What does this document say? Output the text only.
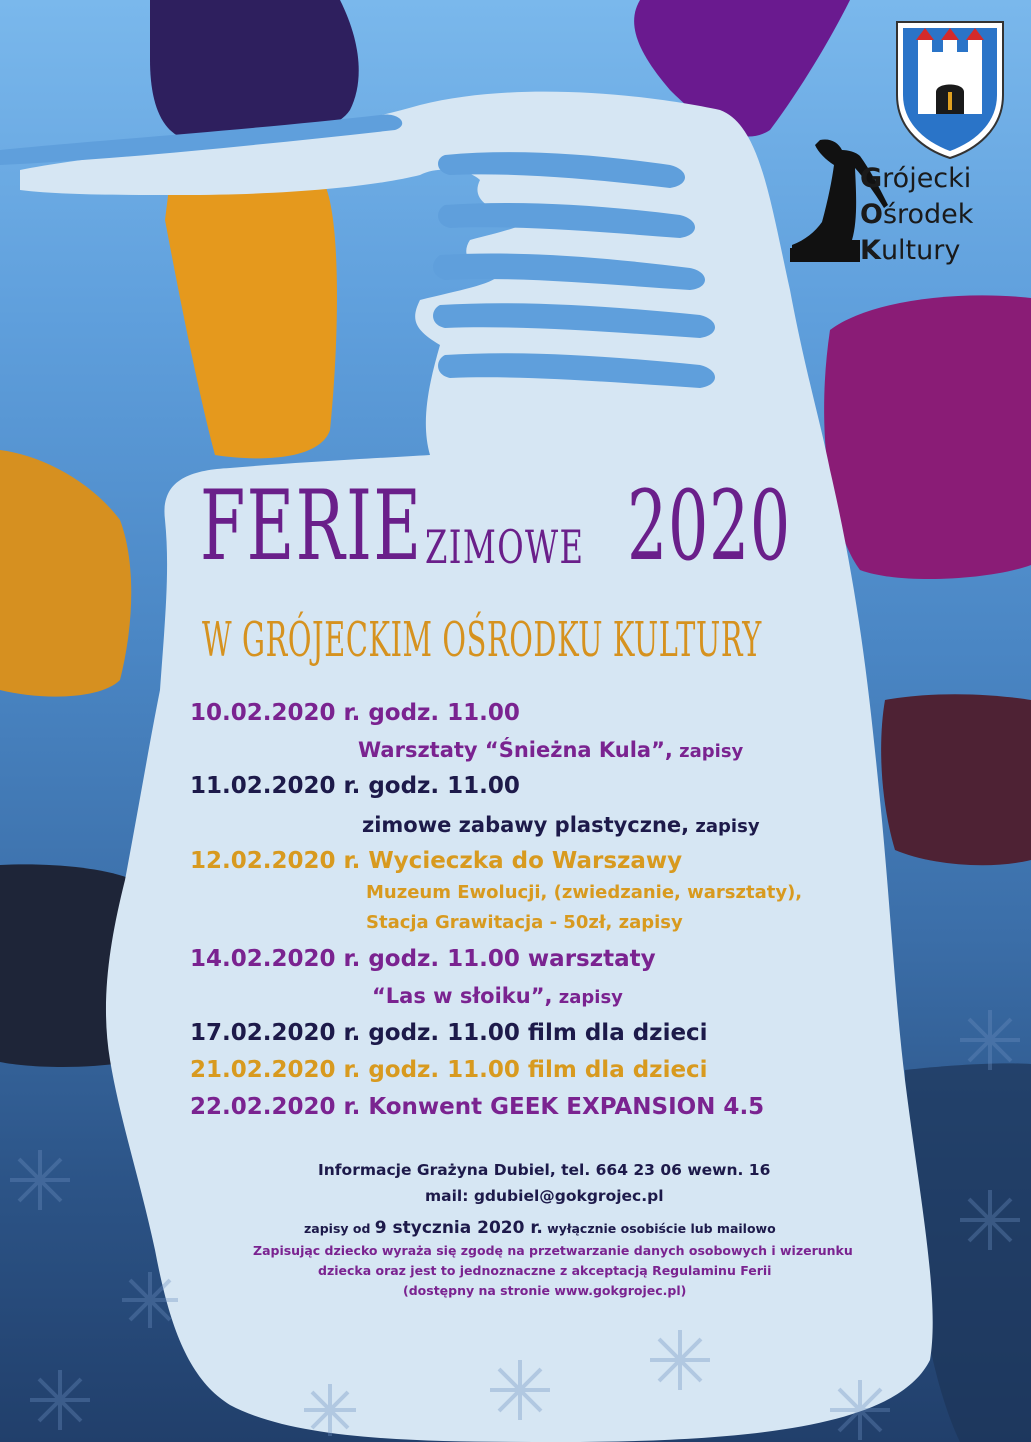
Grójecki
Ośrodek
Kultury
FERIE ZIMOWE 2020
W GRÓJECKIM OŚRODKU KULTURY
10.02.2020 r. godz. 11.00
Warsztaty “Śnieżna Kula”, zapisy
11.02.2020 r. godz. 11.00
zimowe zabawy plastyczne, zapisy
12.02.2020 r. Wycieczka do Warszawy
Muzeum Ewolucji, (zwiedzanie, warsztaty),
Stacja Grawitacja - 50zł, zapisy
14.02.2020 r. godz. 11.00 warsztaty
“Las w słoiku”, zapisy
17.02.2020 r. godz. 11.00 film dla dzieci
21.02.2020 r. godz. 11.00 film dla dzieci
22.02.2020 r. Konwent GEEK EXPANSION 4.5
Informacje Grażyna Dubiel, tel. 664 23 06 wewn. 16
mail: gdubiel@gokgrojec.pl
zapisy od 9 stycznia 2020 r. wyłącznie osobiście lub mailowo
Zapisując dziecko wyraża się zgodę na przetwarzanie danych osobowych i wizerunku
dziecka oraz jest to jednoznaczne z akceptacją Regulaminu Ferii
(dostępny na stronie www.gokgrojec.pl)
